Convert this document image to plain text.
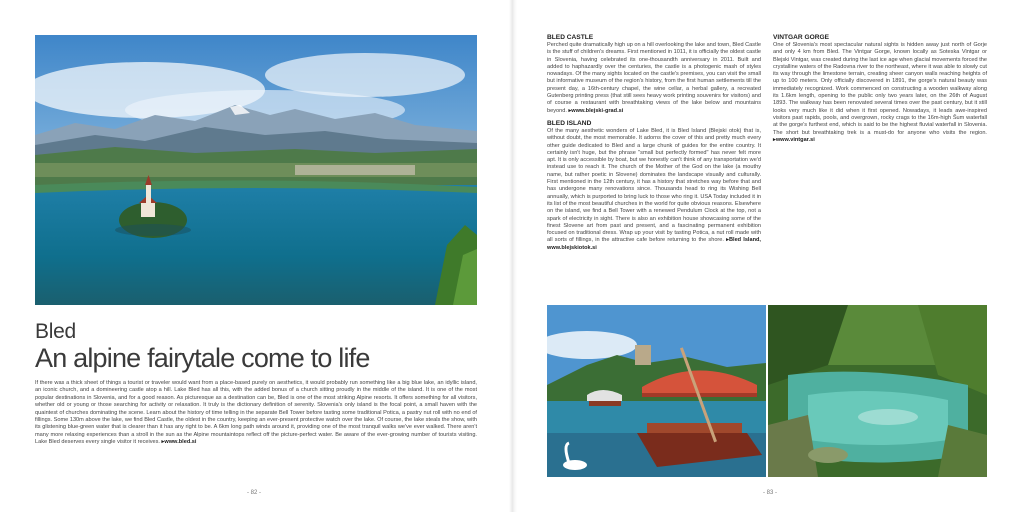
Bled
An alpine fairytale come to life

If there was a thick sheet of things a tourist or traveler would want from a place-based purely on aesthetics, it would probably run something like a big blue lake, an idyllic island, an iconic church, and a domineering castle atop a hill. Lake Bled has all this, with the added bonus of a church sitting proudly in the middle of the island. It is one of the most popular destinations in Slovenia, and for a good reason. As picturesque as a destination can be, Bled is one of the most striking Alpine resorts. It offers something for all visitors, whether old or young or those searching for activity or relaxation. It truly is the dictionary definition of serenity. Slovenia's only island is the focal point, a small haven with the quaintest of churches dominating the scene. Learn about the history of time telling in the separate Bell Tower before tasting some traditional Potica, a pastry nut roll with no end of fillings. Some 130m above the lake, we find Bled Castle, the oldest in the country, keeping an ever-present protective watch over the lake. Of course, the lake steals the show, with its glistening blue-green water that is clearer than it has any right to be. A 6km long path winds around it, providing one of the most tranquil walks we've ever walked. There aren't many more relaxing experiences than a stroll in the sun as the Alpine mountaintops reflect off the picture-perfect water. Be aware of the ever-growing number of tourists visiting. Lake Bled deserves every single visitor it receives. ▸www.bled.si

- 82 -
BLED CASTLE

Perched quite dramatically high up on a hill overlooking the lake and town, Bled Castle is the stuff of children's dreams. First mentioned in 1011, it is officially the oldest castle in Slovenia, having celebrated its one-thousandth anniversary in 2011. Built and added to haphazardly over the centuries, the castle is a photogenic mash of styles nowadays. Of the many sights located on the castle's premises, you can visit the small but informative museum of the region's history, from the first human settlements till the present day, a 16th-century chapel, the wine cellar, a herbal gallery, a recreated Gutenberg printing press (that still sees heavy work printing souvenirs for visitors) and of course a restaurant with breathtaking views of the lake below and mountains beyond. ▸www.blejski-grad.si

BLED ISLAND

Of the many aesthetic wonders of Lake Bled, it is Bled Island (Blejski otok) that is, without doubt, the most memorable. It adorns the cover of this and pretty much every other guide dedicated to Bled and a large chunk of guides for the entire country. It certainly isn't huge, but the phrase "small but perfectly formed" has never felt more apt. It is only accessible by boat, but we honestly can't think of any transportation we'd instead use to reach it. The church of the Mother of the God on the lake (a mouthy name, but rather poetic in Slovene) dominates the landscape visually and culturally. First mentioned in the 12th century, it has a history that stretches way before that and has undergone many renovations since. Thousands head to ring its Wishing Bell annually, which is purported to bring luck to those who ring it. USA Today included it in its list of the most beautiful churches in the world for quite obvious reasons. Elsewhere on the island, we find a Bell Tower with a renewed Pendulum Clock at the top, not a spark of electricity in sight. There is also an exhibition house showcasing some of the finest Slovene art from past and present, and a fascinating permanent exhibition focused on traditional dress. Wrap up your visit by tasting Potica, a nut roll made with all sorts of fillings, in the attractive cafe before returning to the shore. ▸Bled Island, www.blejskiotok.si

VINTGAR GORGE

One of Slovenia's most spectacular natural sights is hidden away just north of Gorje and only 4 km from Bled. The Vintgar Gorge, known locally as Soteska Vintgar or Blejski Vintgar, was created during the last ice age when glacial movements forced the crystalline waters of the Radovna river to the northeast, where it was able to slowly cut its way through the limestone terrain, creating sheer canyon walls reaching heights of up to 100 meters. Only officially discovered in 1891, the gorge's natural beauty was immediately recognized. Work commenced on constructing a wooden walkway along its 1.6km length, opening to the public only two years later, on the 26th of August 1893. The walkway has been renovated several times over the past century, but it still looks very much like it did when it first opened. Nowadays, it leads awe-inspired visitors past rapids, pools, and overgrown, rocky crags to the 16m-high Šum waterfall at the gorge's furthest end, which is said to be the highest fluvial waterfall in Slovenia. The short but breathtaking trek is a must-do for anyone who visits the region. ▸www.vintgar.si

- 83 -
